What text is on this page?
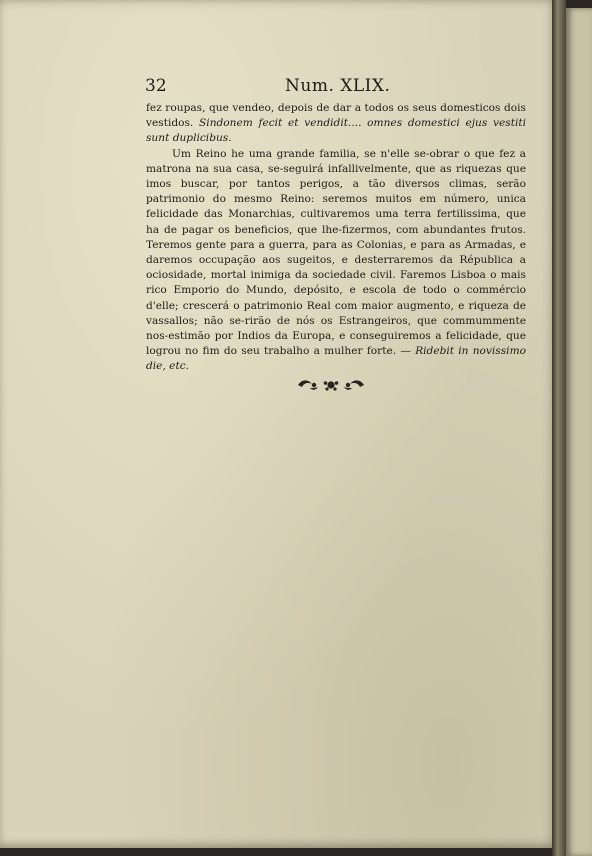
32	Num. XLIX.

fez roupas, que vendeo, depois de dar a todos os seus domesticos dois vestidos. Sindonem fecit et vendidit.... omnes domestici ejus vestiti sunt duplicibus.

Um Reino he uma grande familia, se n'elle se-obrar o que fez a matrona na sua casa, se-seguirá infallivelmente, que as riquezas que imos buscar, por tantos perigos, a tão diversos climas, serão patrimonio do mesmo Reino: seremos muitos em número, unica felicidade das Monarchias, cultivaremos uma terra fertilissima, que ha de pagar os beneficios, que lhe-fizermos, com abundantes frutos. Teremos gente para a guerra, para as Colonias, e para as Armadas, e daremos occupação aos sugeitos, e desterraremos da Républica a ociosidade, mortal inimiga da sociedade civil. Faremos Lisboa o mais rico Emporio do Mundo, depósito, e escola de todo o commércio d'elle; crescerá o patrimonio Real com maior augmento, e riqueza de vassallos; não se-rirão de nós os Estrangeiros, que commummente nos-estimão por Indios da Europa, e conseguiremos a felicidade, que logrou no fim do seu trabalho a mulher forte. — Ridebit in novissimo die, etc.
